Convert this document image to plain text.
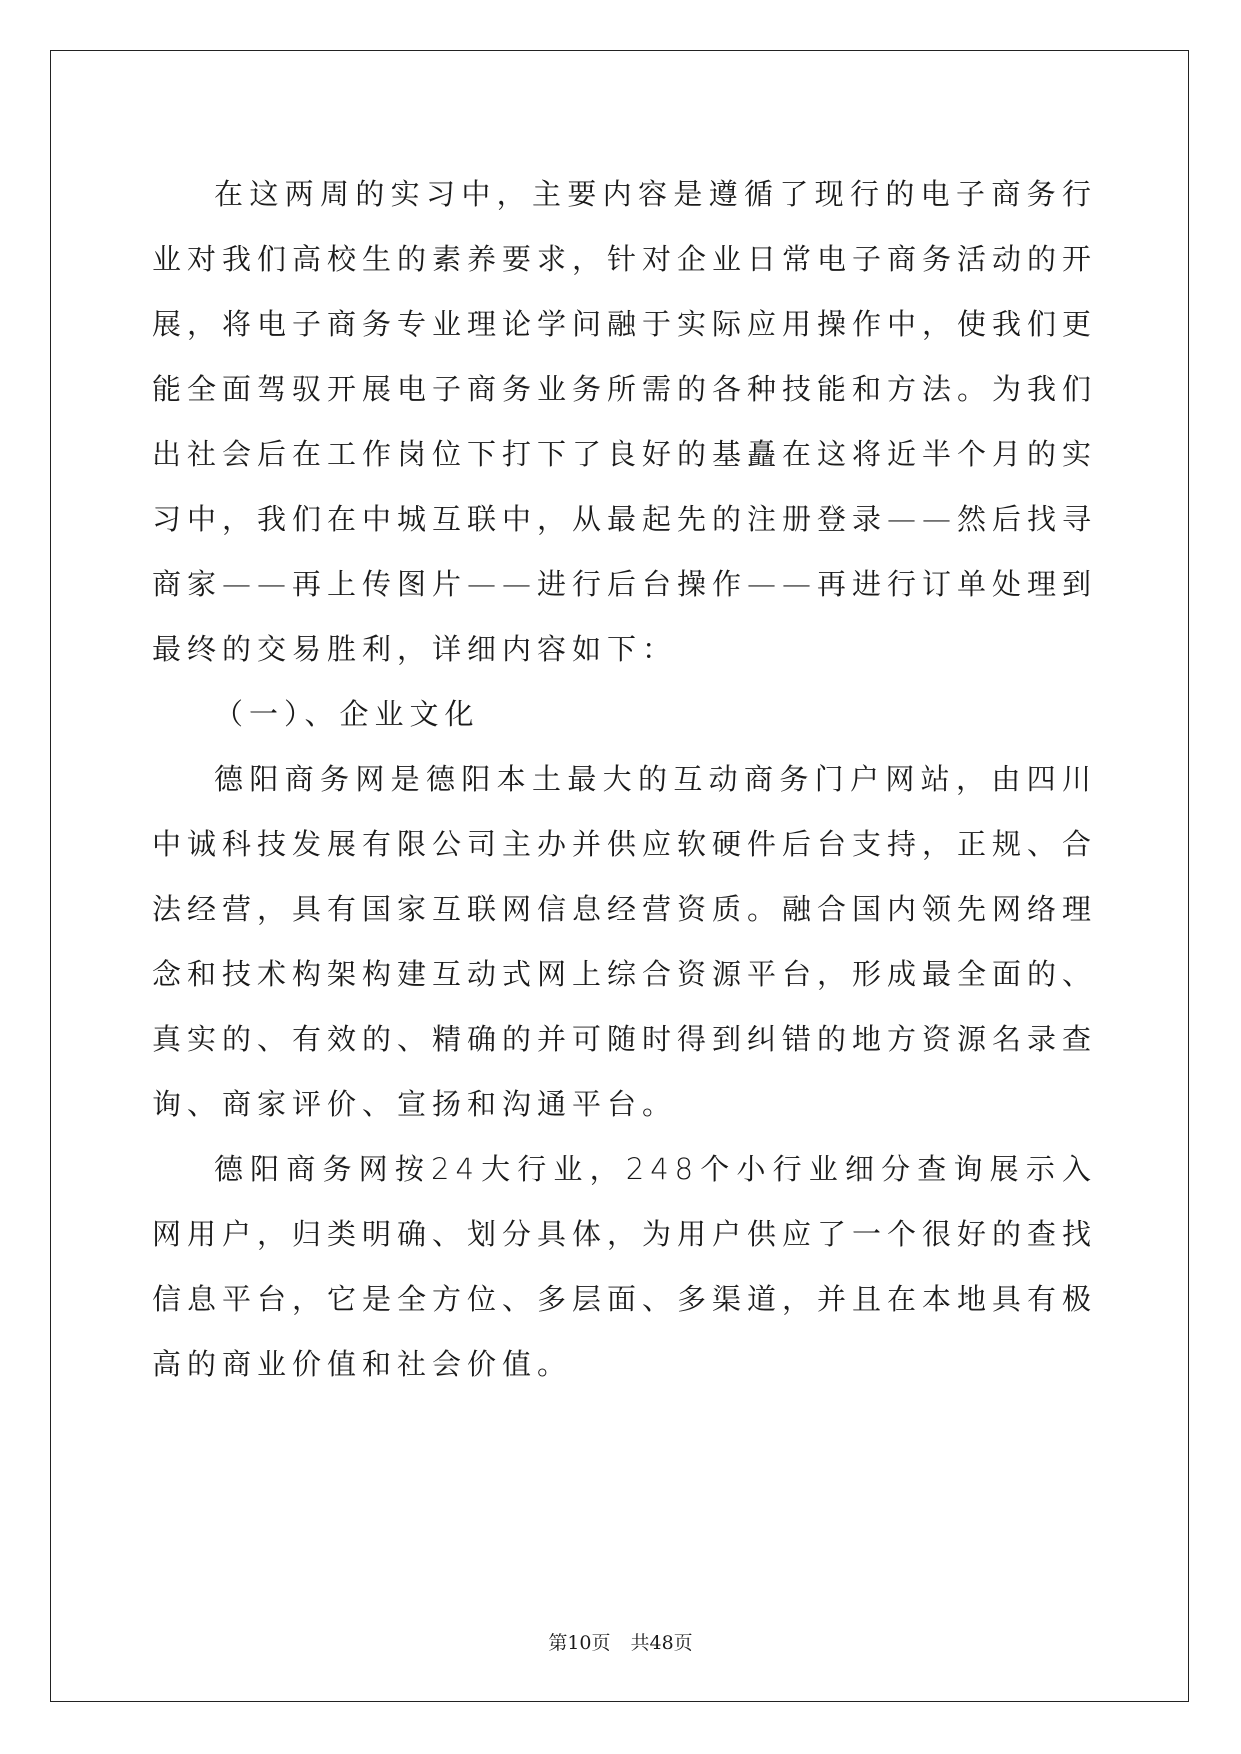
在这两周的实习中，主要内容是遵循了现行的电子商务行业对我们高校生的素养要求，针对企业日常电子商务活动的开展，将电子商务专业理论学问融于实际应用操作中，使我们更能全面驾驭开展电子商务业务所需的各种技能和方法。为我们出社会后在工作岗位下打下了良好的基矗在这将近半个月的实习中，我们在中城互联中，从最起先的注册登录——然后找寻商家——再上传图片——进行后台操作——再进行订单处理到最终的交易胜利，详细内容如下：

（一）、企业文化

德阳商务网是德阳本土最大的互动商务门户网站，由四川中诚科技发展有限公司主办并供应软硬件后台支持，正规、合法经营，具有国家互联网信息经营资质。融合国内领先网络理念和技术构架构建互动式网上综合资源平台，形成最全面的、真实的、有效的、精确的并可随时得到纠错的地方资源名录查询、商家评价、宣扬和沟通平台。

德阳商务网按24大行业，248个小行业细分查询展示入网用户，归类明确、划分具体，为用户供应了一个很好的查找信息平台，它是全方位、多层面、多渠道，并且在本地具有极高的商业价值和社会价值。

第10页 共48页
